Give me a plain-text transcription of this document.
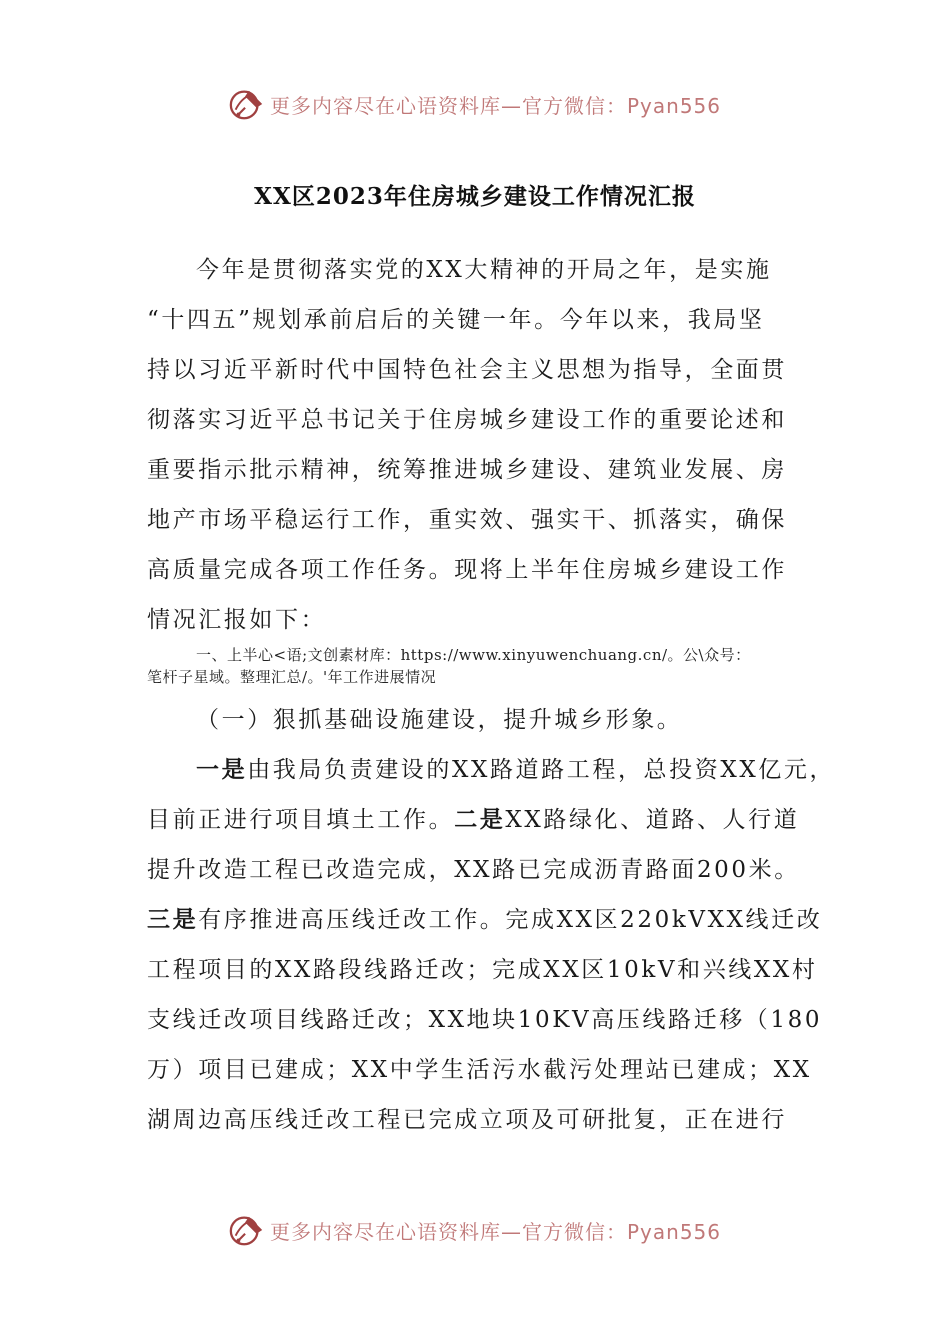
更多内容尽在心语资料库—官方微信：Pyan556
XX区2023年住房城乡建设工作情况汇报
今年是贯彻落实党的XX大精神的开局之年，是实施
“十四五”规划承前启后的关键一年。今年以来，我局坚
持以习近平新时代中国特色社会主义思想为指导，全面贯
彻落实习近平总书记关于住房城乡建设工作的重要论述和
重要指示批示精神，统筹推进城乡建设、建筑业发展、房
地产市场平稳运行工作，重实效、强实干、抓落实，确保
高质量完成各项工作任务。现将上半年住房城乡建设工作
情况汇报如下：
一、上半心<语;文创素材库：https://www.xinyuwenchuang.cn/。公\众号：
笔杆子星域。整理汇总/。'年工作进展情况
（一）狠抓基础设施建设，提升城乡形象。
一是由我局负责建设的XX路道路工程，总投资XX亿元，
目前正进行项目填土工作。二是XX路绿化、道路、人行道
提升改造工程已改造完成，XX路已完成沥青路面200米。
三是有序推进高压线迁改工作。完成XX区220kVXX线迁改
工程项目的XX路段线路迁改；完成XX区10kV和兴线XX村
支线迁改项目线路迁改；XX地块10KV高压线路迁移（180
万）项目已建成；XX中学生活污水截污处理站已建成；XX
湖周边高压线迁改工程已完成立项及可研批复，正在进行
更多内容尽在心语资料库—官方微信：Pyan556
